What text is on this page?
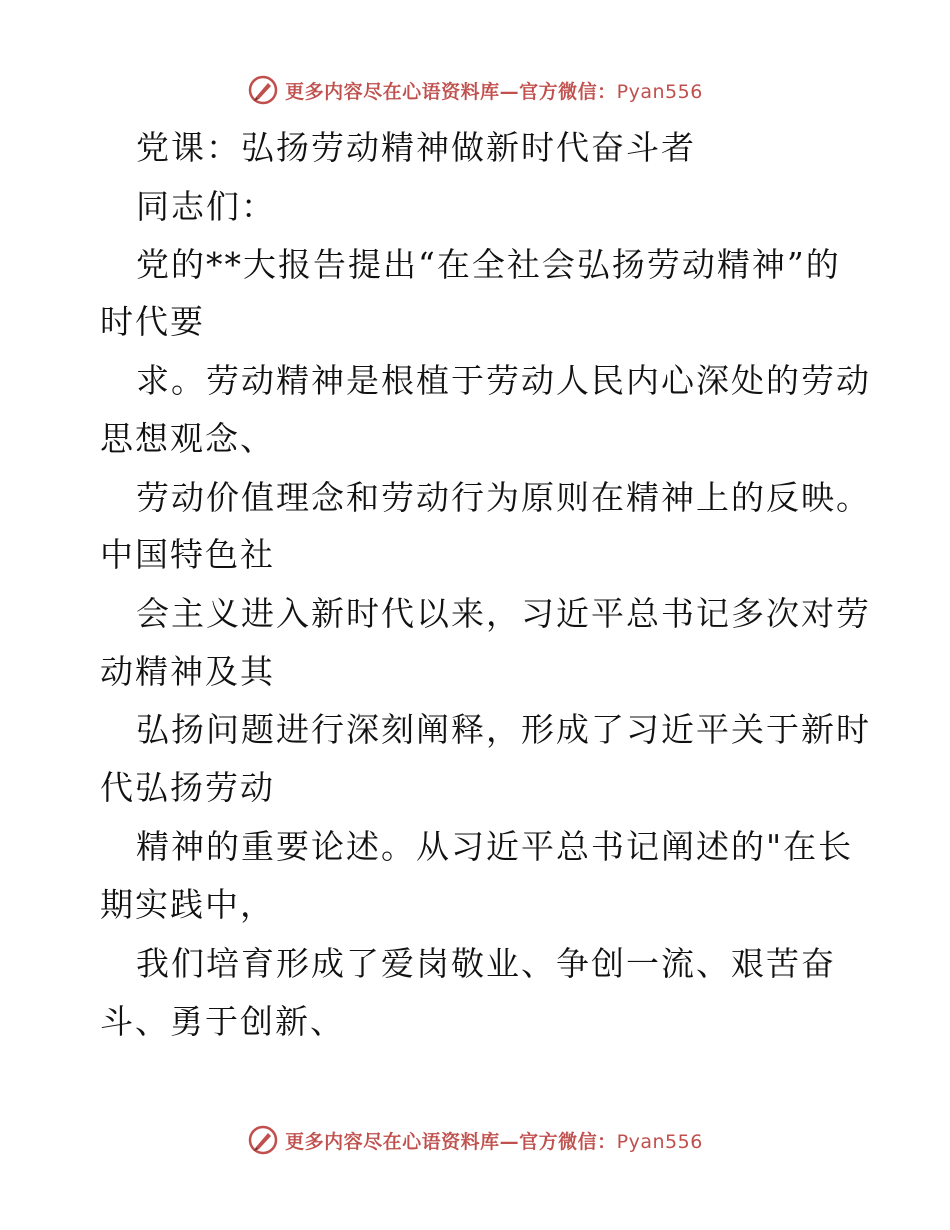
更多内容尽在心语资料库—官方微信：Pyan556
党课：弘扬劳动精神做新时代奋斗者
同志们：
党的**大报告提出“在全社会弘扬劳动精神”的
时代要
求。劳动精神是根植于劳动人民内心深处的劳动
思想观念、
劳动价值理念和劳动行为原则在精神上的反映。
中国特色社
会主义进入新时代以来，习近平总书记多次对劳
动精神及其
弘扬问题进行深刻阐释，形成了习近平关于新时
代弘扬劳动
精神的重要论述。从习近平总书记阐述的"在长
期实践中，
我们培育形成了爱岗敬业、争创一流、艰苦奋
斗、勇于创新、
更多内容尽在心语资料库—官方微信：Pyan556
